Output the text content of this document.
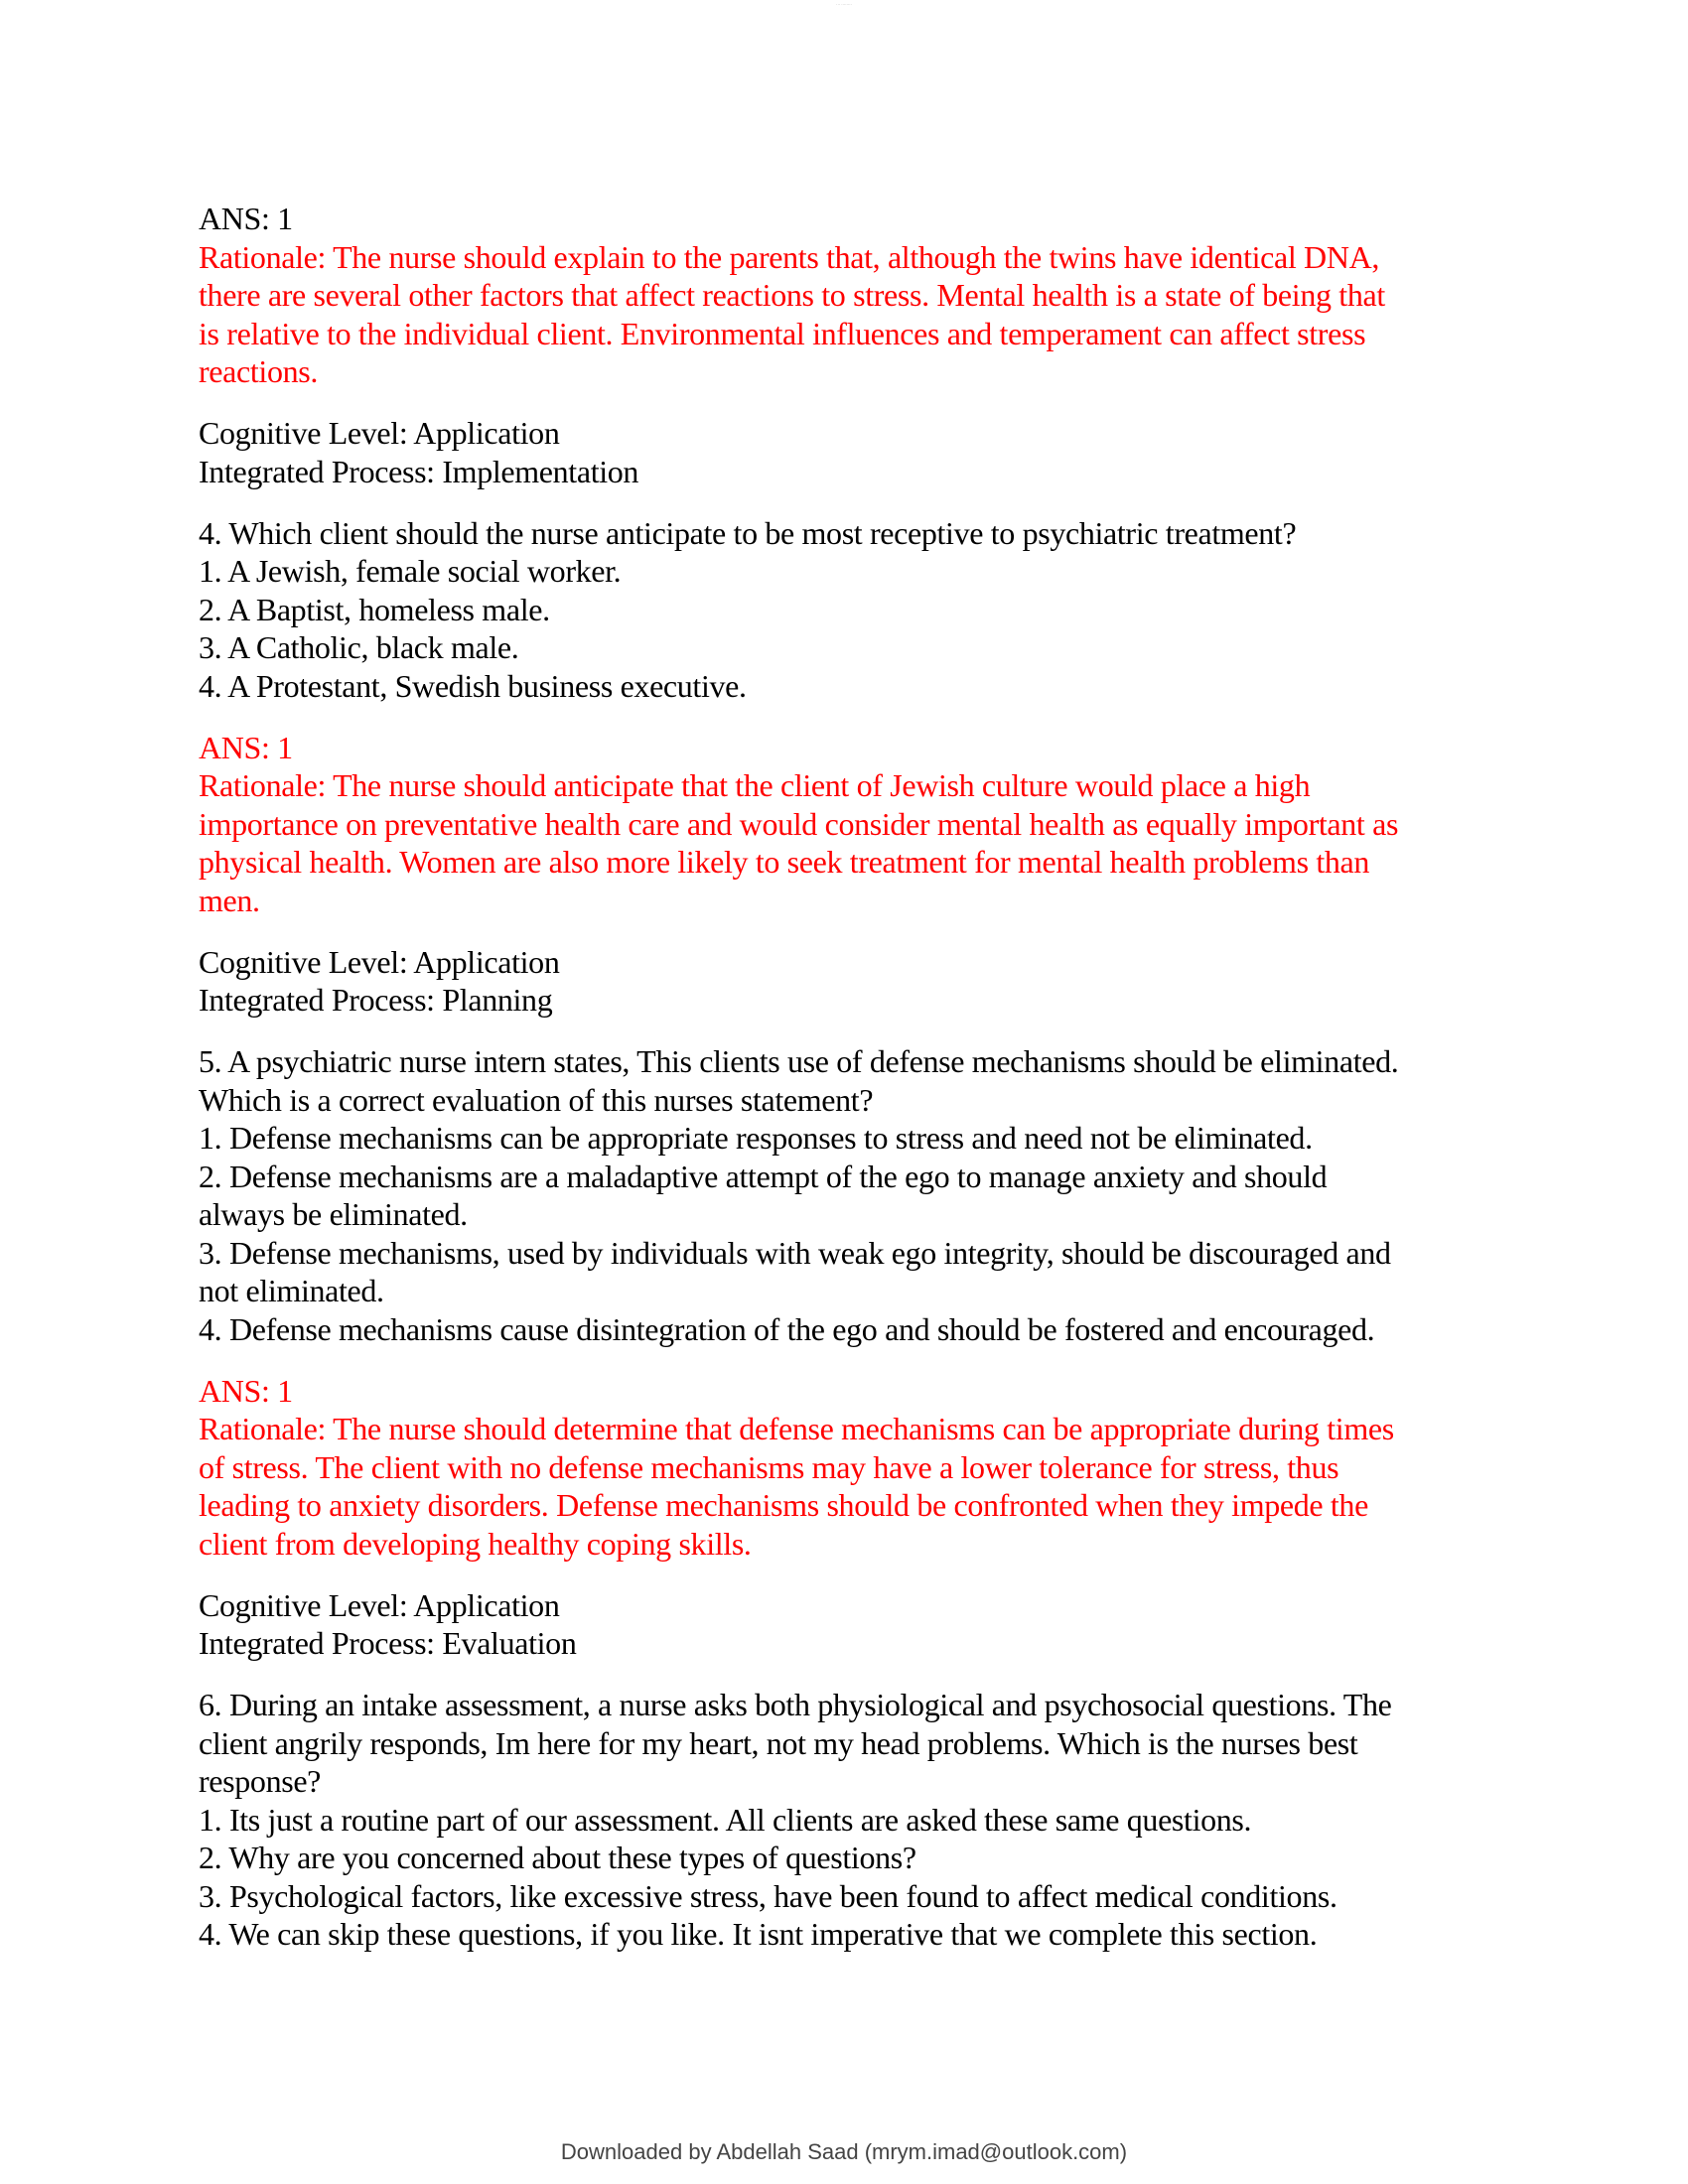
··· ········
ANS: 1
Rationale: The nurse should explain to the parents that, although the twins have identical DNA,
there are several other factors that affect reactions to stress. Mental health is a state of being that
is relative to the individual client. Environmental influences and temperament can affect stress
reactions.
Cognitive Level: Application
Integrated Process: Implementation
4. Which client should the nurse anticipate to be most receptive to psychiatric treatment?
1. A Jewish, female social worker.
2. A Baptist, homeless male.
3. A Catholic, black male.
4. A Protestant, Swedish business executive.
ANS: 1
Rationale: The nurse should anticipate that the client of Jewish culture would place a high
importance on preventative health care and would consider mental health as equally important as
physical health. Women are also more likely to seek treatment for mental health problems than
men.
Cognitive Level: Application
Integrated Process: Planning
5. A psychiatric nurse intern states, This clients use of defense mechanisms should be eliminated.
Which is a correct evaluation of this nurses statement?
1. Defense mechanisms can be appropriate responses to stress and need not be eliminated.
2. Defense mechanisms are a maladaptive attempt of the ego to manage anxiety and should
always be eliminated.
3. Defense mechanisms, used by individuals with weak ego integrity, should be discouraged and
not eliminated.
4. Defense mechanisms cause disintegration of the ego and should be fostered and encouraged.
ANS: 1
Rationale: The nurse should determine that defense mechanisms can be appropriate during times
of stress. The client with no defense mechanisms may have a lower tolerance for stress, thus
leading to anxiety disorders. Defense mechanisms should be confronted when they impede the
client from developing healthy coping skills.
Cognitive Level: Application
Integrated Process: Evaluation
6. During an intake assessment, a nurse asks both physiological and psychosocial questions. The
client angrily responds, Im here for my heart, not my head problems. Which is the nurses best
response?
1. Its just a routine part of our assessment. All clients are asked these same questions.
2. Why are you concerned about these types of questions?
3. Psychological factors, like excessive stress, have been found to affect medical conditions.
4. We can skip these questions, if you like. It isnt imperative that we complete this section.
Downloaded by Abdellah Saad (mrym.imad@outlook.com)
